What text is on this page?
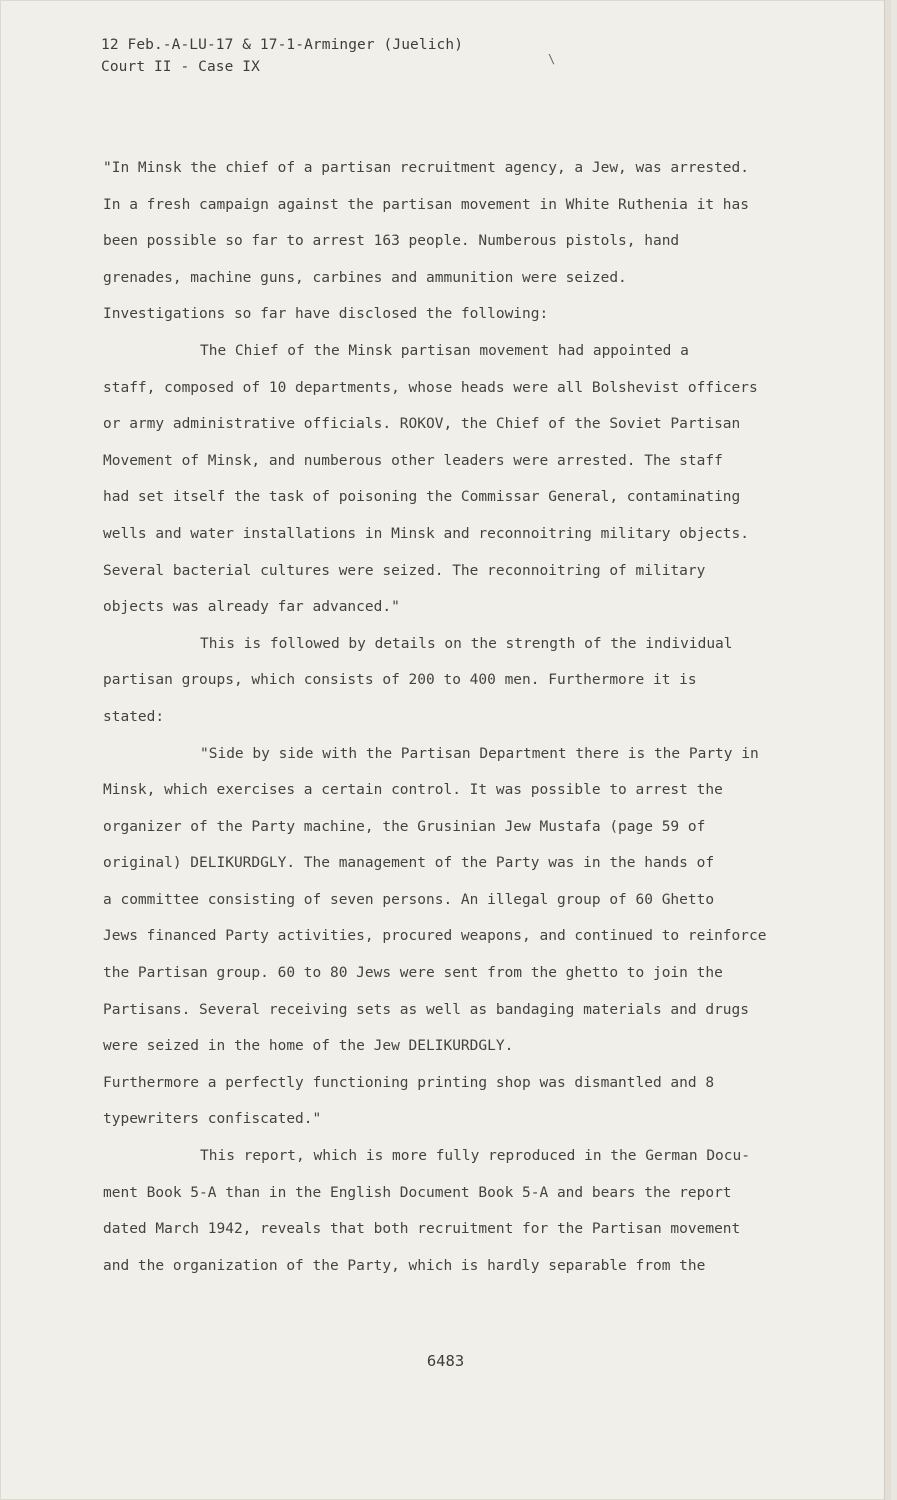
12 Feb.-A-LU-17 & 17-1-Arminger (Juelich)
Court II - Case IX	\
"In Minsk the chief of a partisan recruitment agency, a Jew, was arrested.
In a fresh campaign against the partisan movement in White Ruthenia it has
been possible so far to arrest 163 people. Numberous pistols, hand
grenades, machine guns, carbines and ammunition were seized.
Investigations so far have disclosed the following:
The Chief of the Minsk partisan movement had appointed a
staff, composed of 10 departments, whose heads were all Bolshevist officers
or army administrative officials. ROKOV, the Chief of the Soviet Partisan
Movement of Minsk, and numberous other leaders were arrested. The staff
had set itself the task of poisoning the Commissar General, contaminating
wells and water installations in Minsk and reconnoitring military objects.
Several bacterial cultures were seized. The reconnoitring of military
objects was already far advanced."
This is followed by details on the strength of the individual
partisan groups, which consists of 200 to 400 men. Furthermore it is
stated:
"Side by side with the Partisan Department there is the Party in
Minsk, which exercises a certain control. It was possible to arrest the
organizer of the Party machine, the Grusinian Jew Mustafa (page 59 of
original) DELIKURDGLY. The management of the Party was in the hands of
a committee consisting of seven persons. An illegal group of 60 Ghetto
Jews financed Party activities, procured weapons, and continued to reinforce
the Partisan group. 60 to 80 Jews were sent from the ghetto to join the
Partisans. Several receiving sets as well as bandaging materials and drugs
were seized in the home of the Jew DELIKURDGLY.
Furthermore a perfectly functioning printing shop was dismantled and 8
typewriters confiscated."
This report, which is more fully reproduced in the German Docu-
ment Book 5-A than in the English Document Book 5-A and bears the report
dated March 1942, reveals that both recruitment for the Partisan movement
and the organization of the Party, which is hardly separable from the
6483
